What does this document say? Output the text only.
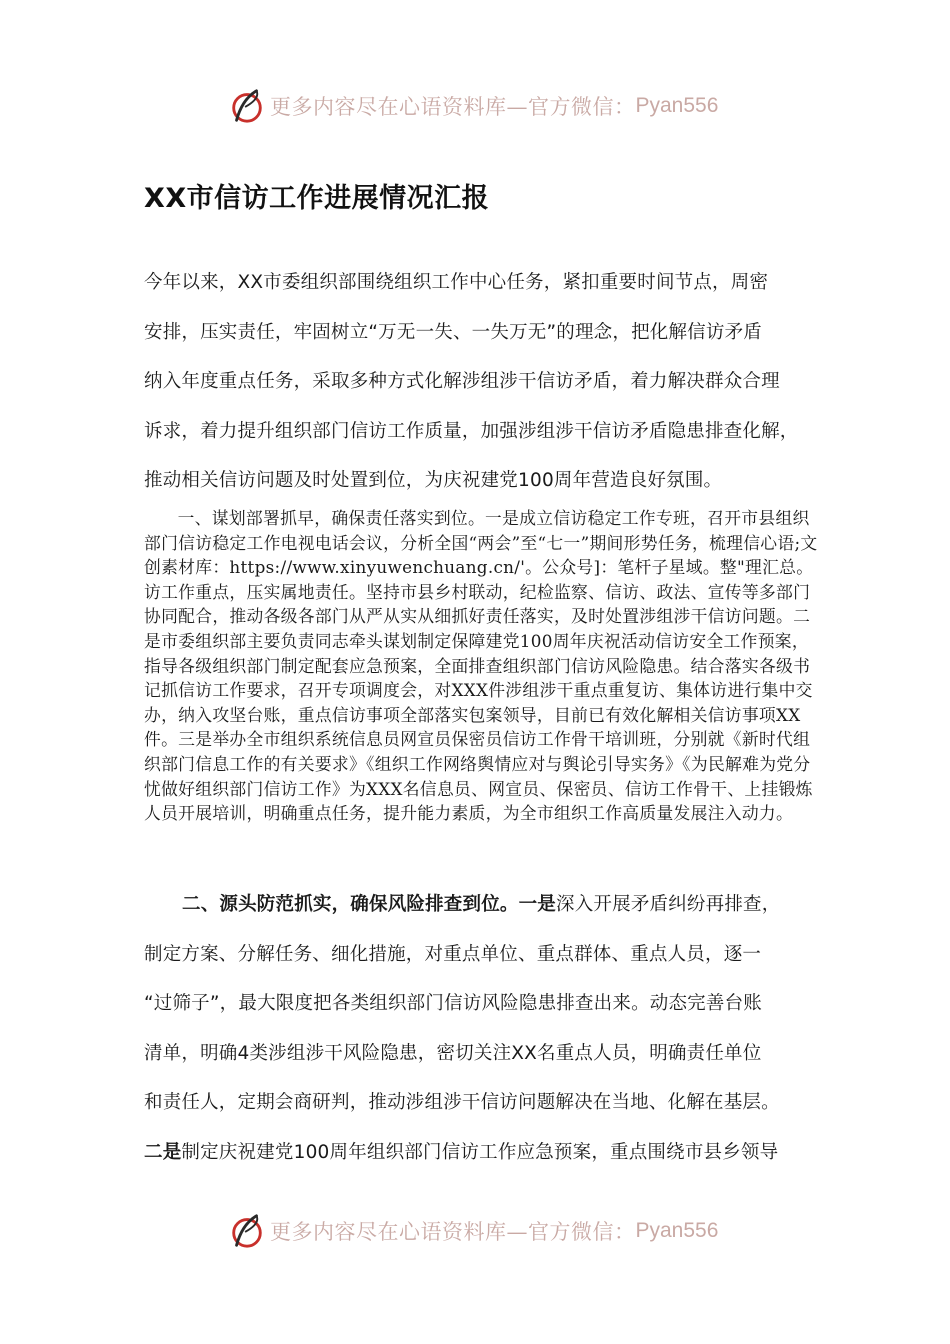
更多内容尽在心语资料库—官方微信： Pyan556
XX市信访工作进展情况汇报
今年以来，XX市委组织部围绕组织工作中心任务，紧扣重要时间节点，周密
安排，压实责任，牢固树立“万无一失、一失万无”的理念，把化解信访矛盾
纳入年度重点任务，采取多种方式化解涉组涉干信访矛盾，着力解决群众合理
诉求，着力提升组织部门信访工作质量，加强涉组涉干信访矛盾隐患排查化解，
推动相关信访问题及时处置到位，为庆祝建党100周年营造良好氛围。

一、谋划部署抓早，确保责任落实到位。一是成立信访稳定工作专班，召开市县组织部门信访稳定工作电视电话会议，分析全国“两会”至“七一”期间形势任务，梳理信心语;文创素材库：https://www.xinyuwenchuang.cn/'。公众号]：笔杆子星域。整"理汇总。访工作重点，压实属地责任。坚持市县乡村联动，纪检监察、信访、政法、宣传等多部门协同配合，推动各级各部门从严从实从细抓好责任落实，及时处置涉组涉干信访问题。二是市委组织部主要负责同志牵头谋划制定保障建党100周年庆祝活动信访安全工作预案，指导各级组织部门制定配套应急预案，全面排查组织部门信访风险隐患。结合落实各级书记抓信访工作要求，召开专项调度会，对XXX件涉组涉干重点重复访、集体访进行集中交办，纳入攻坚台账，重点信访事项全部落实包案领导，目前已有效化解相关信访事项XX件。三是举办全市组织系统信息员网宣员保密员信访工作骨干培训班，分别就《新时代组织部门信息工作的有关要求》《组织工作网络舆情应对与舆论引导实务》《为民解难为党分忧做好组织部门信访工作》为XXX名信息员、网宣员、保密员、信访工作骨干、上挂锻炼人员开展培训，明确重点任务，提升能力素质，为全市组织工作高质量发展注入动力。

二、源头防范抓实，确保风险排查到位。一是深入开展矛盾纠纷再排查，
制定方案、分解任务、细化措施，对重点单位、重点群体、重点人员，逐一
“过筛子”，最大限度把各类组织部门信访风险隐患排查出来。动态完善台账
清单，明确4类涉组涉干风险隐患，密切关注XX名重点人员，明确责任单位
和责任人，定期会商研判，推动涉组涉干信访问题解决在当地、化解在基层。
二是制定庆祝建党100周年组织部门信访工作应急预案，重点围绕市县乡领导
更多内容尽在心语资料库—官方微信： Pyan556
